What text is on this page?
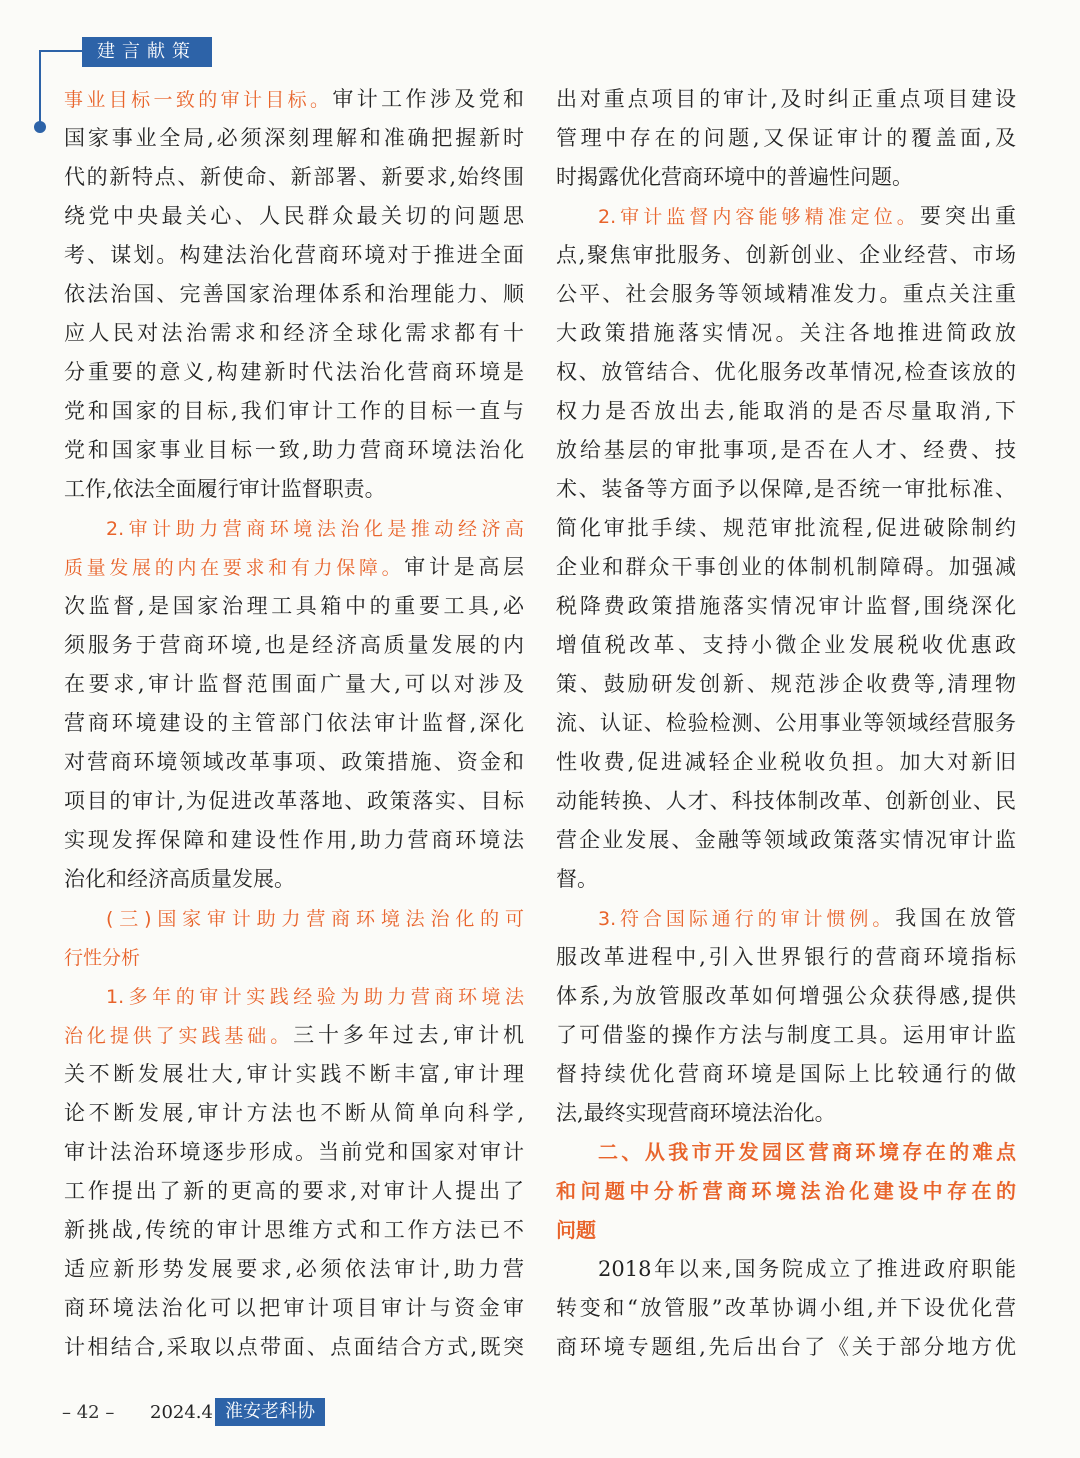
建言献策
事业目标一致的审计目标。审计工作涉及党和
国家事业全局,必须深刻理解和准确把握新时
代的新特点、新使命、新部署、新要求,始终围
绕党中央最关心、人民群众最关切的问题思
考、谋划。构建法治化营商环境对于推进全面
依法治国、完善国家治理体系和治理能力、顺
应人民对法治需求和经济全球化需求都有十
分重要的意义,构建新时代法治化营商环境是
党和国家的目标,我们审计工作的目标一直与
党和国家事业目标一致,助力营商环境法治化
工作,依法全面履行审计监督职责。
2.审计助力营商环境法治化是推动经济高
质量发展的内在要求和有力保障。审计是高层
次监督,是国家治理工具箱中的重要工具,必
须服务于营商环境,也是经济高质量发展的内
在要求,审计监督范围面广量大,可以对涉及
营商环境建设的主管部门依法审计监督,深化
对营商环境领域改革事项、政策措施、资金和
项目的审计,为促进改革落地、政策落实、目标
实现发挥保障和建设性作用,助力营商环境法
治化和经济高质量发展。
(三)国家审计助力营商环境法治化的可
行性分析
1.多年的审计实践经验为助力营商环境法
治化提供了实践基础。三十多年过去,审计机
关不断发展壮大,审计实践不断丰富,审计理
论不断发展,审计方法也不断从简单向科学,
审计法治环境逐步形成。当前党和国家对审计
工作提出了新的更高的要求,对审计人提出了
新挑战,传统的审计思维方式和工作方法已不
适应新形势发展要求,必须依法审计,助力营
商环境法治化可以把审计项目审计与资金审
计相结合,采取以点带面、点面结合方式,既突
出对重点项目的审计,及时纠正重点项目建设
管理中存在的问题,又保证审计的覆盖面,及
时揭露优化营商环境中的普遍性问题。
2.审计监督内容能够精准定位。要突出重
点,聚焦审批服务、创新创业、企业经营、市场
公平、社会服务等领域精准发力。重点关注重
大政策措施落实情况。关注各地推进简政放
权、放管结合、优化服务改革情况,检查该放的
权力是否放出去,能取消的是否尽量取消,下
放给基层的审批事项,是否在人才、经费、技
术、装备等方面予以保障,是否统一审批标准、
简化审批手续、规范审批流程,促进破除制约
企业和群众干事创业的体制机制障碍。加强减
税降费政策措施落实情况审计监督,围绕深化
增值税改革、支持小微企业发展税收优惠政
策、鼓励研发创新、规范涉企收费等,清理物
流、认证、检验检测、公用事业等领域经营服务
性收费,促进减轻企业税收负担。加大对新旧
动能转换、人才、科技体制改革、创新创业、民
营企业发展、金融等领域政策落实情况审计监
督。
3.符合国际通行的审计惯例。我国在放管
服改革进程中,引入世界银行的营商环境指标
体系,为放管服改革如何增强公众获得感,提供
了可借鉴的操作方法与制度工具。运用审计监
督持续优化营商环境是国际上比较通行的做
法,最终实现营商环境法治化。
二、从我市开发园区营商环境存在的难点
和问题中分析营商环境法治化建设中存在的
问题
2018年以来,国务院成立了推进政府职能
转变和“放管服”改革协调小组,并下设优化营
商环境专题组,先后出台了《关于部分地方优
– 42 –	2024.4 淮安老科协
